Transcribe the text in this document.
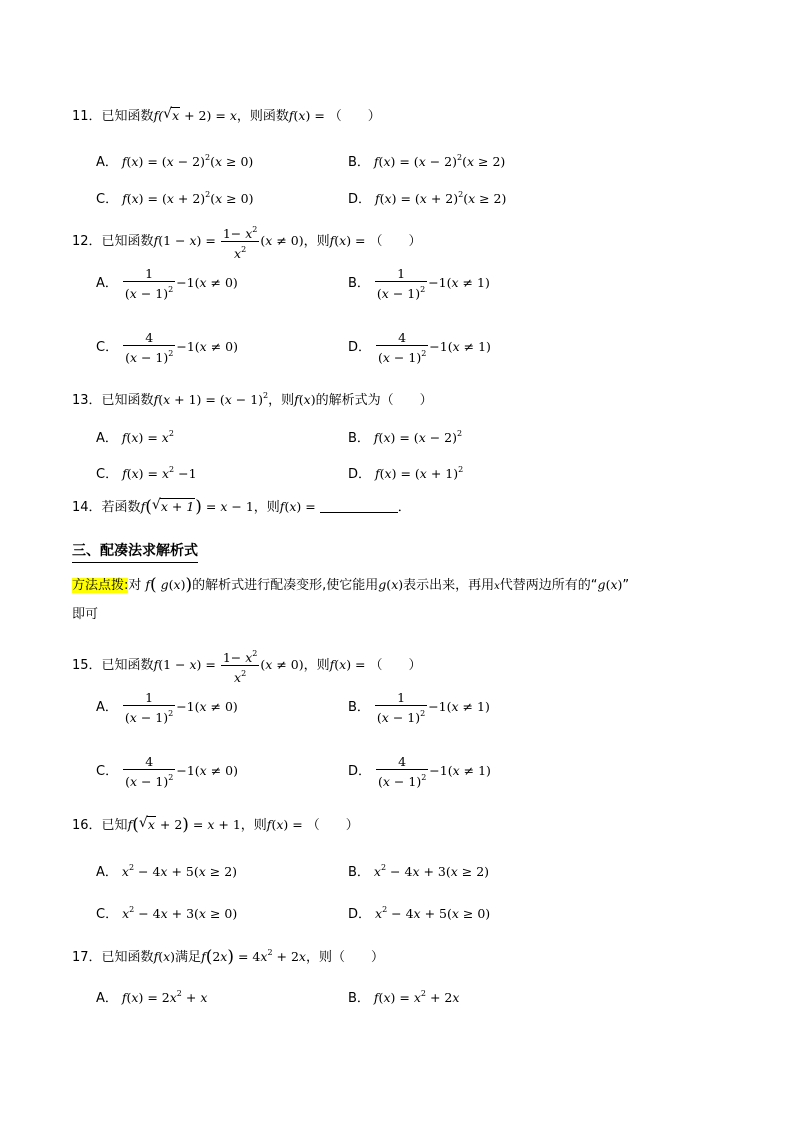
11．已知函数f( √ x + 2) = x，则函数f(x) = （　　）
A． $f(x) = (x - 2)^2(x \ge 0)$	B． $f(x) = (x - 2)^2(x \ge 2)$
C． $f(x) = (x + 2)^2(x \ge 0)$	D． $f(x) = (x + 2)^2(x \ge 2)$
12．已知函数$f(1 - x) = \frac{1- x^2}{x^2} (x \ne 0)$，则f(x) = （　　）
A． $\frac{1}{(x - 1)^2} -1(x \ne 0)$	B． $\frac{1}{(x - 1)^2} -1(x \ne 1)$
C． $\frac{4}{(x - 1)^2} -1(x \ne 0)$	D． $\frac{4}{(x - 1)^2} -1(x \ne 1)$
13．已知函数$f(x + 1) = (x - 1)^2$，则f(x)的解析式为（　　）
A． $f(x) = x^2$	B． $f(x) = (x - 2)^2$
C． $f(x) = x^2 -1$	D． $f(x) = (x + 1)^2$
14．若函数f( √ x + 1) = x − 1，则f(x) =	．
三、配凑法求解析式
方法点拨:对 f( g(x))的解析式进行配凑变形,使它能用g(x)表示出来，再用x代替两边所有的“g(x)”
即可
15．已知函数$f(1 - x) = \frac{1- x^2}{x^2} (x \ne 0)$，则f(x) = （　　）
A． $\frac{1}{(x - 1)^2} -1(x \ne 0)$	B． $\frac{1}{(x - 1)^2} -1(x \ne 1)$
C． $\frac{4}{(x - 1)^2} -1(x \ne 0)$	D． $\frac{4}{(x - 1)^2} -1(x \ne 1)$
16．已知f( √ x + 2) = x + 1，则f(x) = （　　）
A． $x^2 - 4x + 5(x \ge 2)$	B． $x^2 - 4x + 3(x \ge 2)$
C． $x^2 - 4x + 3(x \ge 0)$	D． $x^2 - 4x + 5(x \ge 0)$
17．已知函数f(x)满足$f(2x) = 4x^2 + 2x$，则（　　）
A． $f(x) = 2x^2 + x$	B． $f(x) = x^2 + 2x$
